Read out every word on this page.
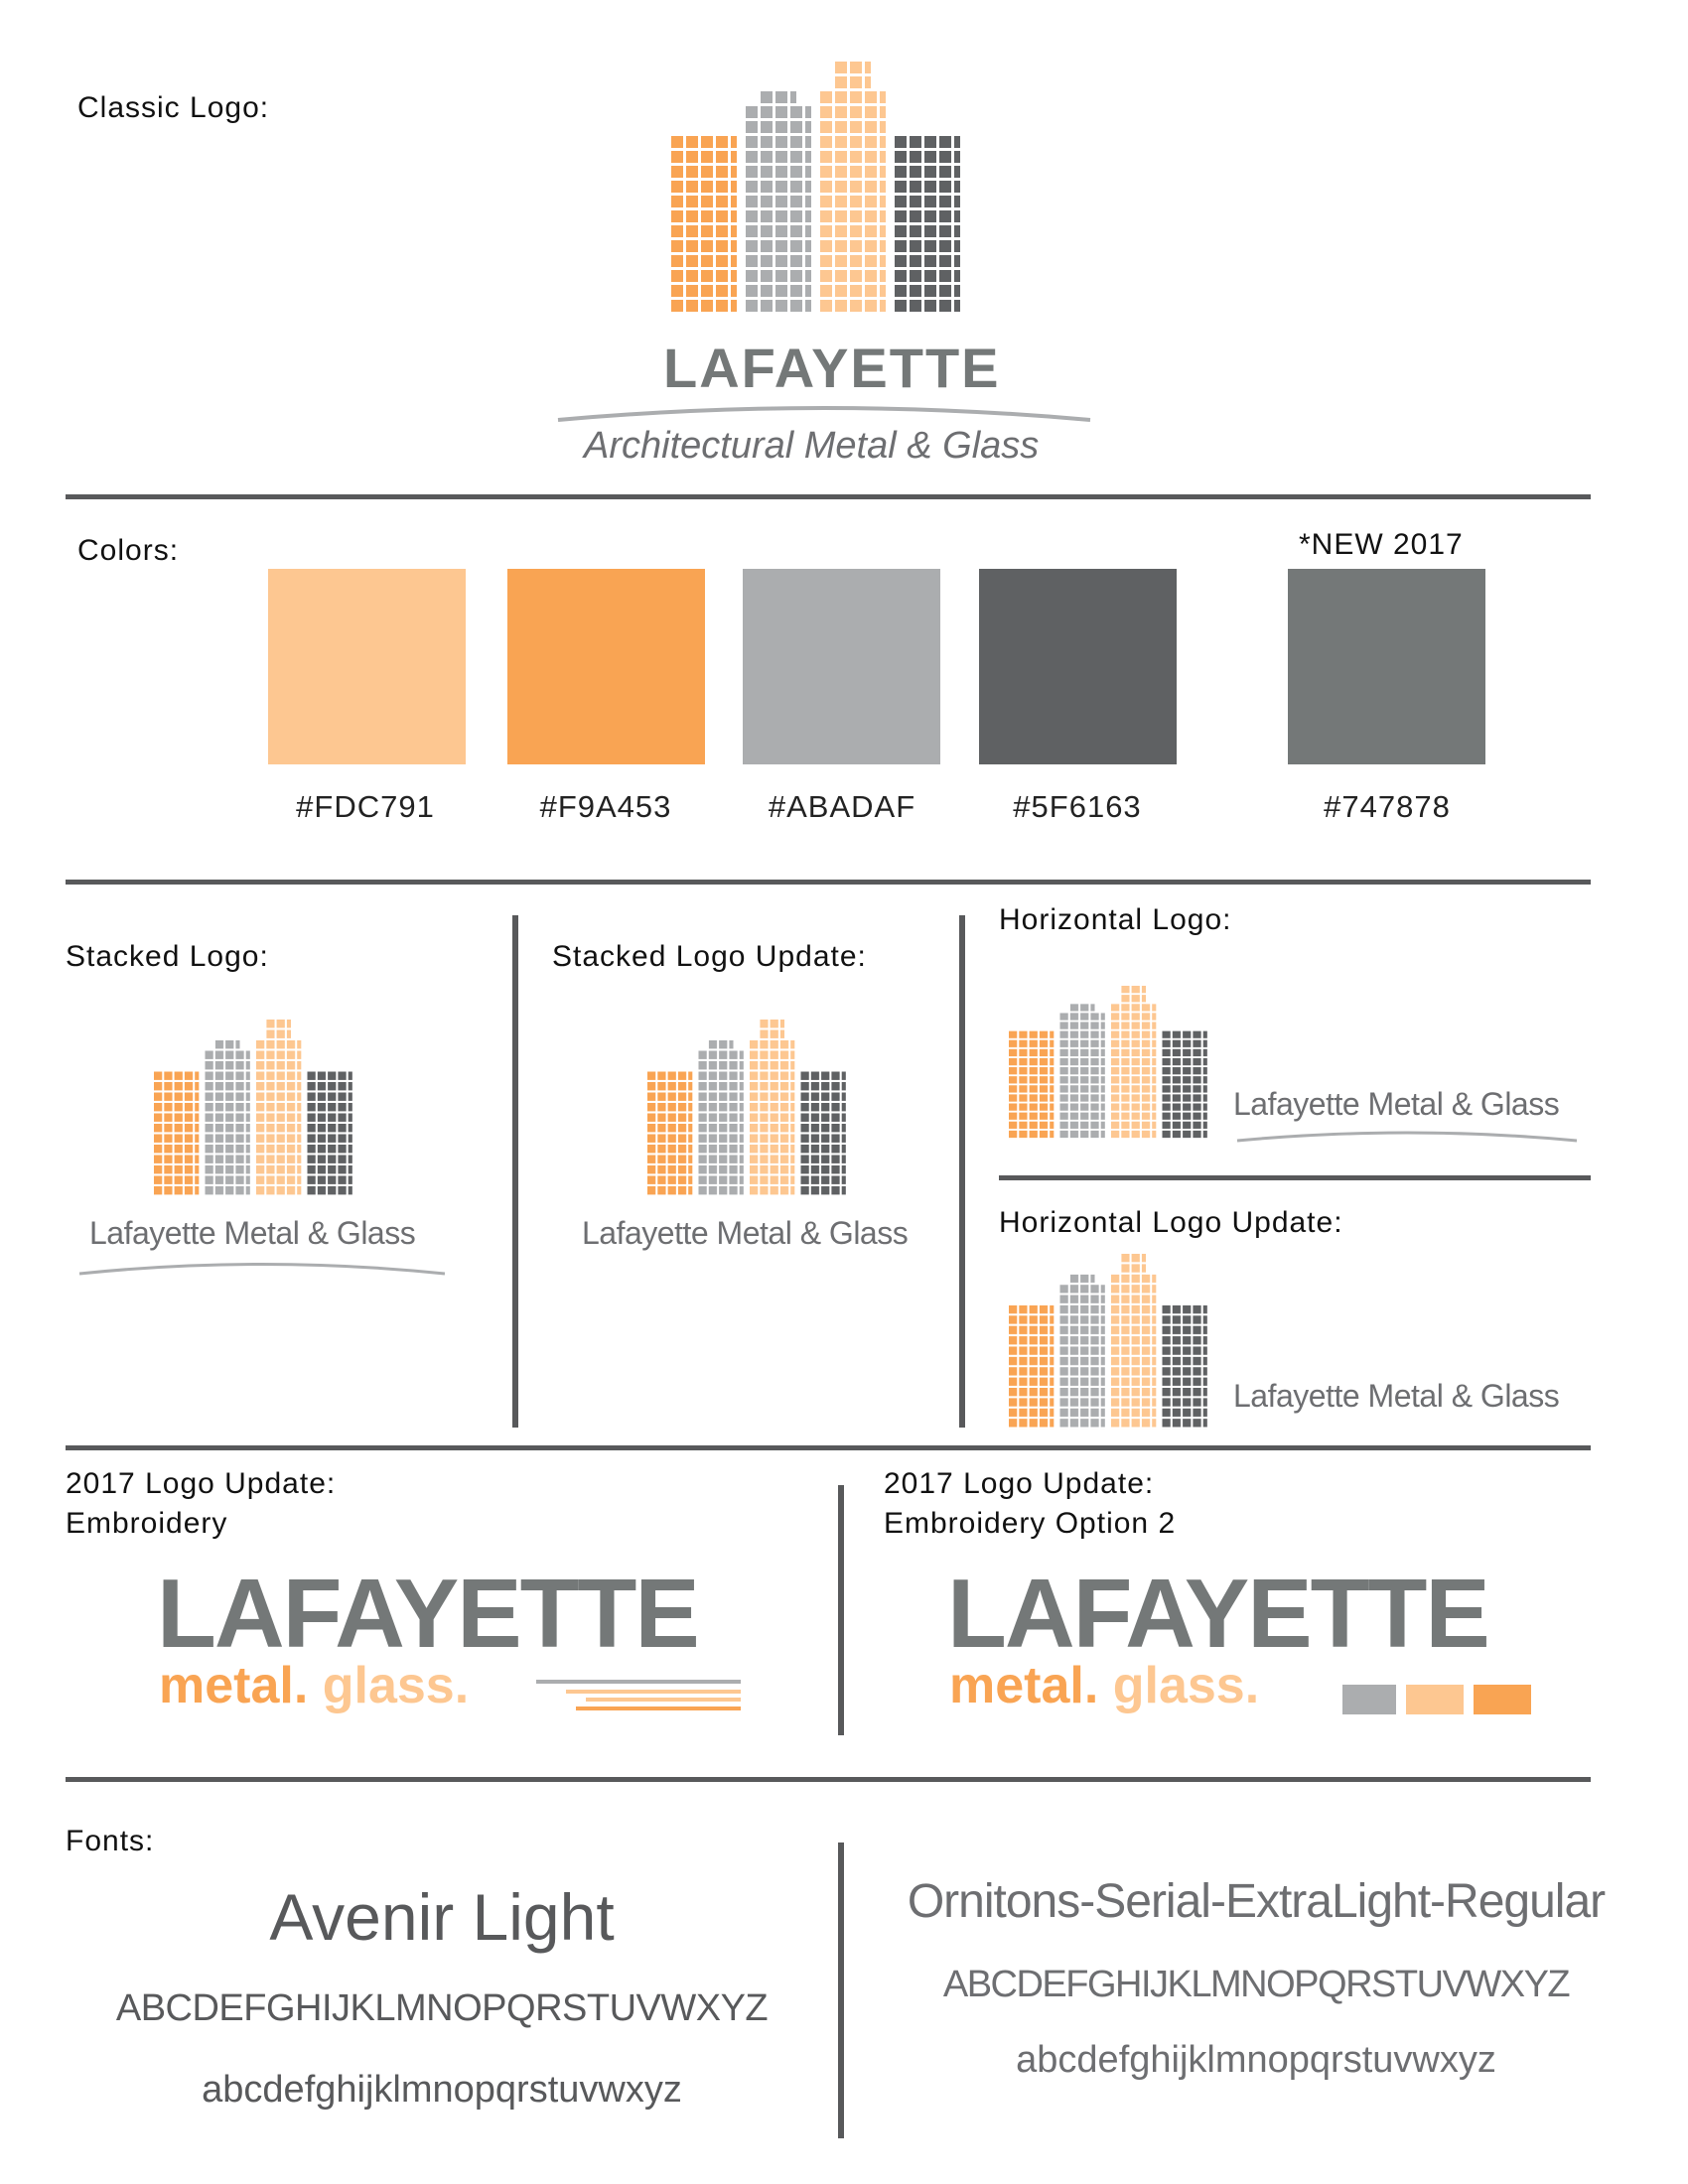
Classic Logo:
LAFAYETTE
Architectural Metal & Glass
Colors:	*NEW 2017
#FDC791	#F9A453	#ABADAF	#5F6163	#747878
Stacked Logo:
Lafayette Metal & Glass
Stacked Logo Update:
Lafayette Metal & Glass
Horizontal Logo:
Lafayette Metal & Glass
Horizontal Logo Update:
Lafayette Metal & Glass
2017 Logo Update:
Embroidery
LAFAYETTE
metal. glass.
2017 Logo Update:
Embroidery Option 2
LAFAYETTE
metal. glass.
Fonts:
Avenir Light
ABCDEFGHIJKLMNOPQRSTUVWXYZ
abcdefghijklmnopqrstuvwxyz
Ornitons-Serial-ExtraLight-Regular
ABCDEFGHIJKLMNOPQRSTUVWXYZ
abcdefghijklmnopqrstuvwxyz
